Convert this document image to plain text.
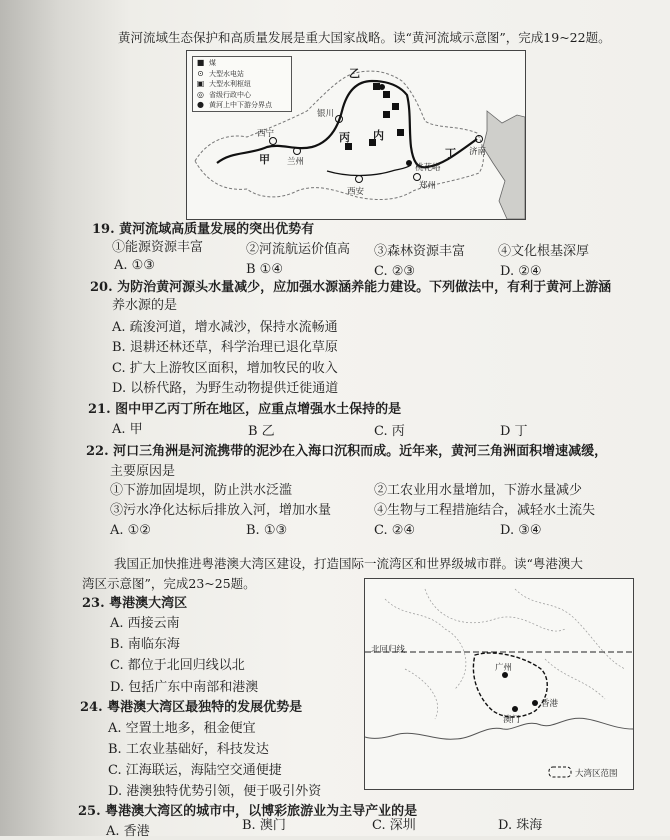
黄河流域生态保护和高质量发展是重大国家战略。读“黄河流域示意图”，完成19~22题。
■ 煤
⊙ 大型水电站
▣ 大型水利枢纽
◎ 省级行政中心
● 黄河上中下游分界点
乙
内
丙
甲	丁
银川
西宁
兰州
西安
郑州
济南
桃花峪
19. 黄河流域高质量发展的突出优势有
①能源资源丰富	②河流航运价值高 ③森林资源丰富	④文化根基深厚
A. ①③	B ①④	C. ②③	D. ②④
20. 为防治黄河源头水量减少，应加强水源涵养能力建设。下列做法中，有利于黄河上游涵
养水源的是
A. 疏浚河道，增水减沙，保持水流畅通
B. 退耕还林还草，科学治理已退化草原
C. 扩大上游牧区面积，增加牧民的收入
D. 以桥代路，为野生动物提供迁徙通道
21. 图中甲乙丙丁所在地区，应重点增强水土保持的是
A. 甲	B 乙	C. 丙	D 丁
22. 河口三角洲是河流携带的泥沙在入海口沉积而成。近年来，黄河三角洲面积增速减缓，
主要原因是
①下游加固堤坝，防止洪水泛滥	②工农业用水量增加，下游水量减少
③污水净化达标后排放入河，增加水量	④生物与工程措施结合，减轻水土流失
A. ①②	B. ①③	C. ②④	D. ③④
我国正加快推进粤港澳大湾区建设，打造国际一流湾区和世界级城市群。读“粤港澳大
湾区示意图”，完成23~25题。
北回归线
广州
香港
澳门
大湾区范围
23. 粤港澳大湾区
A. 西接云南
B. 南临东海
C. 都位于北回归线以北
D. 包括广东中南部和港澳
24. 粤港澳大湾区最独特的发展优势是
A. 空置土地多，租金便宜
B. 工农业基础好，科技发达
C. 江海联运，海陆空交通便捷
D. 港澳独特优势引领，便于吸引外资
25. 粤港澳大湾区的城市中，以博彩旅游业为主导产业的是
A. 香港	B. 澳门	C. 深圳	D. 珠海
